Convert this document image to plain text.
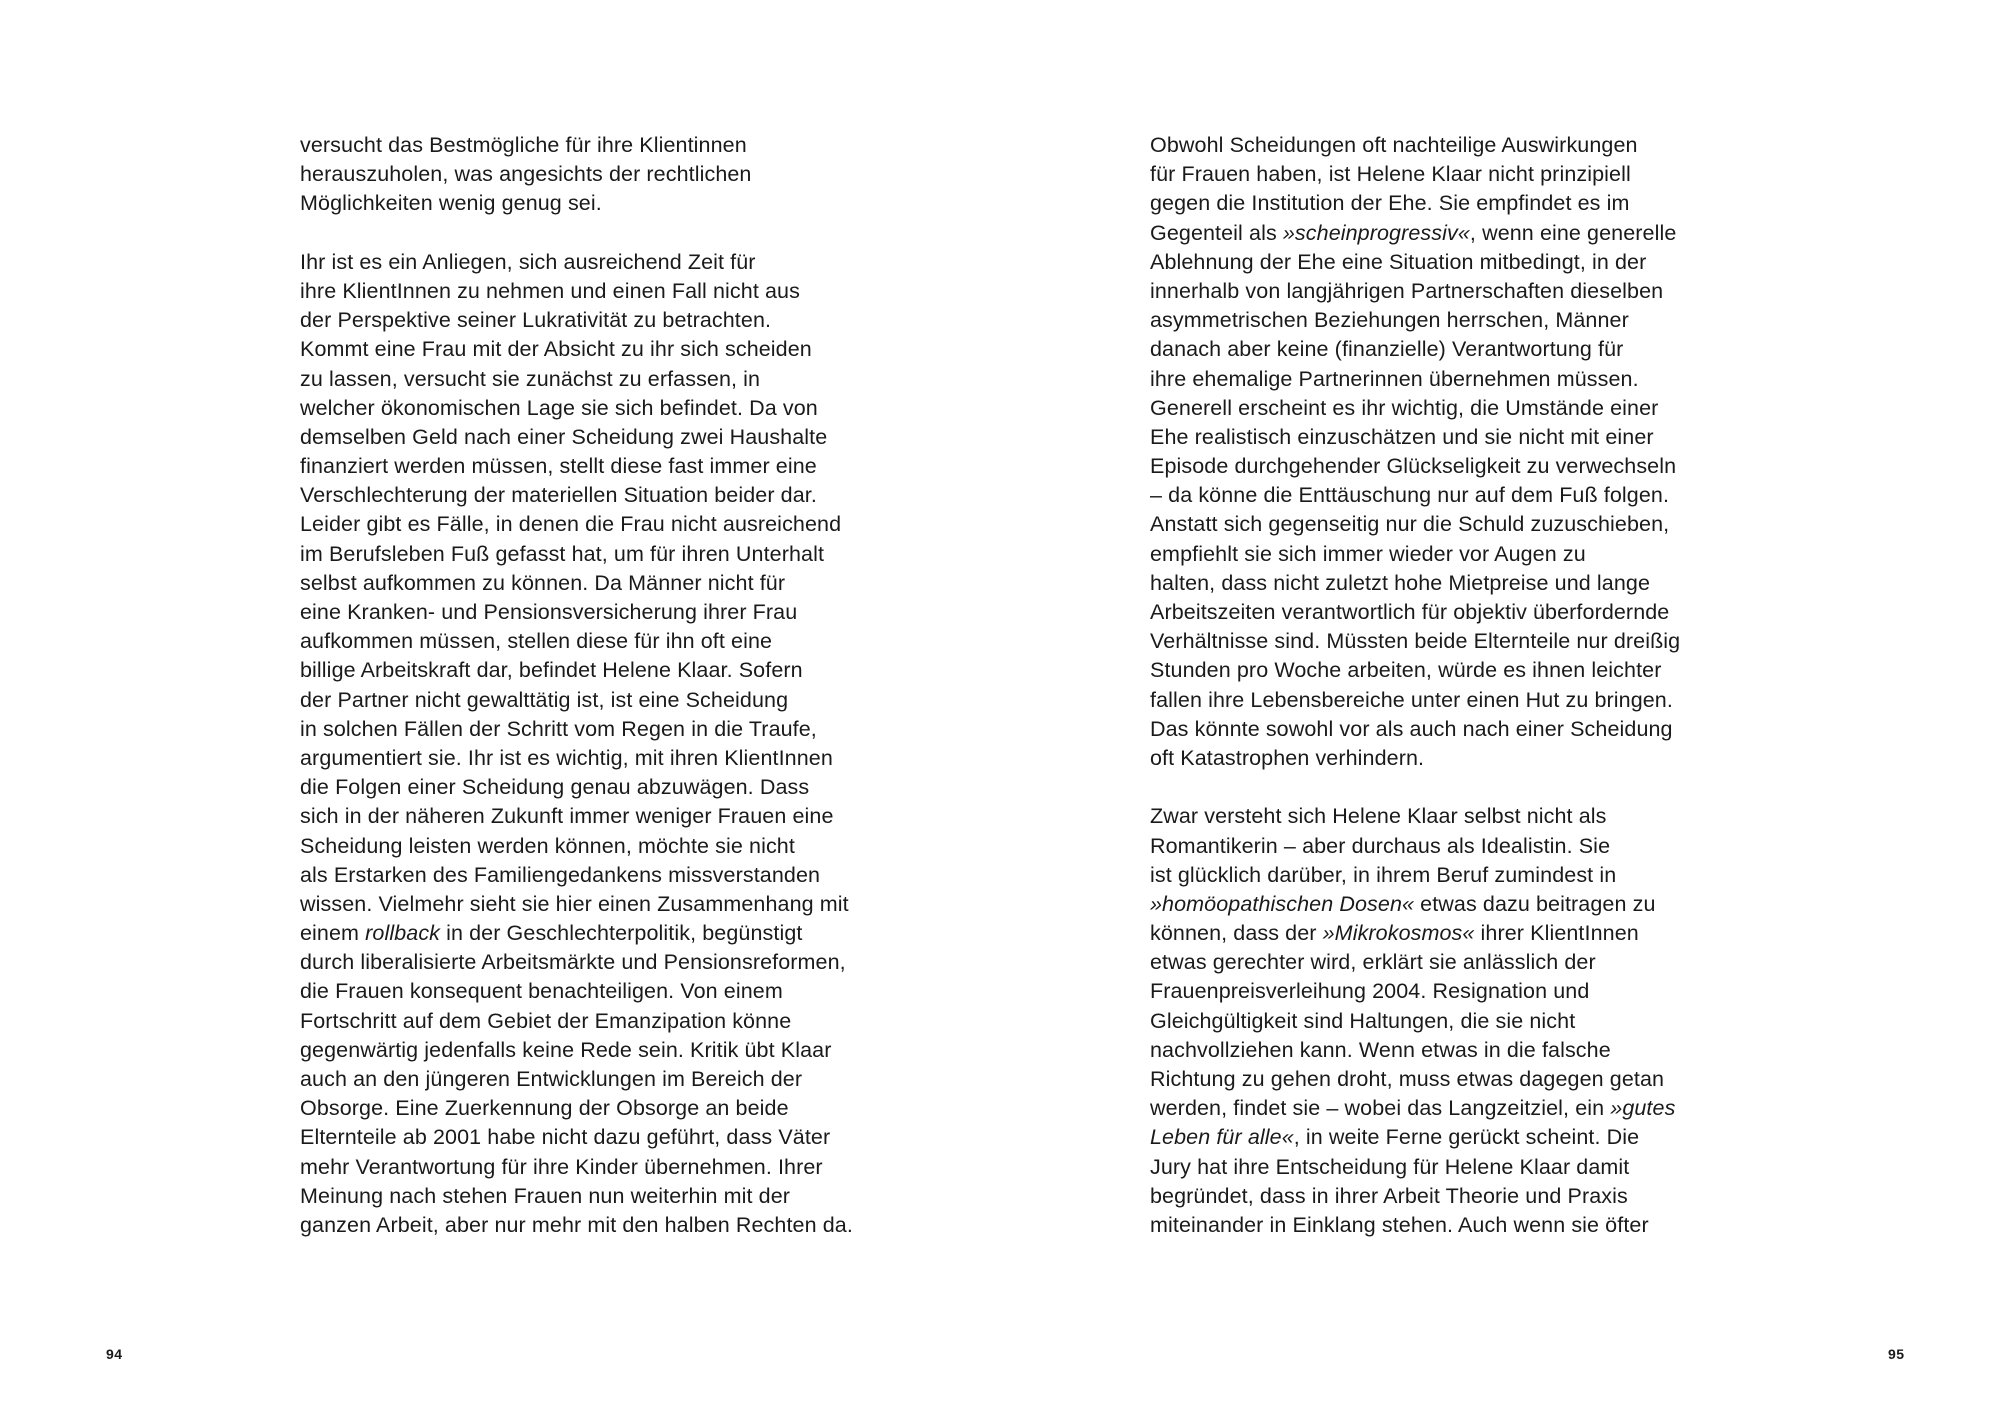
versucht das Bestmögliche für ihre Klientinnen
herauszuholen, was angesichts der rechtlichen
Möglichkeiten wenig genug sei.
Ihr ist es ein Anliegen, sich ausreichend Zeit für
ihre KlientInnen zu nehmen und einen Fall nicht aus
der Perspektive seiner Lukrativität zu betrachten.
Kommt eine Frau mit der Absicht zu ihr sich scheiden
zu lassen, versucht sie zunächst zu erfassen, in
welcher ökonomischen Lage sie sich befindet. Da von
demselben Geld nach einer Scheidung zwei Haushalte
finanziert werden müssen, stellt diese fast immer eine
Verschlechterung der materiellen Situation beider dar.
Leider gibt es Fälle, in denen die Frau nicht ausreichend
im Berufsleben Fuß gefasst hat, um für ihren Unterhalt
selbst aufkommen zu können. Da Männer nicht für
eine Kranken- und Pensionsversicherung ihrer Frau
aufkommen müssen, stellen diese für ihn oft eine
billige Arbeitskraft dar, befindet Helene Klaar. Sofern
der Partner nicht gewalttätig ist, ist eine Scheidung
in solchen Fällen der Schritt vom Regen in die Traufe,
argumentiert sie. Ihr ist es wichtig, mit ihren KlientInnen
die Folgen einer Scheidung genau abzuwägen. Dass
sich in der näheren Zukunft immer weniger Frauen eine
Scheidung leisten werden können, möchte sie nicht
als Erstarken des Familiengedankens missverstanden
wissen. Vielmehr sieht sie hier einen Zusammenhang mit
einem rollback in der Geschlechterpolitik, begünstigt
durch liberalisierte Arbeitsmärkte und Pensionsreformen,
die Frauen konsequent benachteiligen. Von einem
Fortschritt auf dem Gebiet der Emanzipation könne
gegenwärtig jedenfalls keine Rede sein. Kritik übt Klaar
auch an den jüngeren Entwicklungen im Bereich der
Obsorge. Eine Zuerkennung der Obsorge an beide
Elternteile ab 2001 habe nicht dazu geführt, dass Väter
mehr Verantwortung für ihre Kinder übernehmen. Ihrer
Meinung nach stehen Frauen nun weiterhin mit der
ganzen Arbeit, aber nur mehr mit den halben Rechten da.
94
Obwohl Scheidungen oft nachteilige Auswirkungen
für Frauen haben, ist Helene Klaar nicht prinzipiell
gegen die Institution der Ehe. Sie empfindet es im
Gegenteil als »scheinprogressiv«, wenn eine generelle
Ablehnung der Ehe eine Situation mitbedingt, in der
innerhalb von langjährigen Partnerschaften dieselben
asymmetrischen Beziehungen herrschen, Männer
danach aber keine (finanzielle) Verantwortung für
ihre ehemalige Partnerinnen übernehmen müssen.
Generell erscheint es ihr wichtig, die Umstände einer
Ehe realistisch einzuschätzen und sie nicht mit einer
Episode durchgehender Glückseligkeit zu verwechseln
– da könne die Enttäuschung nur auf dem Fuß folgen.
Anstatt sich gegenseitig nur die Schuld zuzuschieben,
empfiehlt sie sich immer wieder vor Augen zu
halten, dass nicht zuletzt hohe Mietpreise und lange
Arbeitszeiten verantwortlich für objektiv überfordernde
Verhältnisse sind. Müssten beide Elternteile nur dreißig
Stunden pro Woche arbeiten, würde es ihnen leichter
fallen ihre Lebensbereiche unter einen Hut zu bringen.
Das könnte sowohl vor als auch nach einer Scheidung
oft Katastrophen verhindern.
Zwar versteht sich Helene Klaar selbst nicht als
Romantikerin – aber durchaus als Idealistin. Sie
ist glücklich darüber, in ihrem Beruf zumindest in
»homöopathischen Dosen« etwas dazu beitragen zu
können, dass der »Mikrokosmos« ihrer KlientInnen
etwas gerechter wird, erklärt sie anlässlich der
Frauenpreisverleihung 2004. Resignation und
Gleichgültigkeit sind Haltungen, die sie nicht
nachvollziehen kann. Wenn etwas in die falsche
Richtung zu gehen droht, muss etwas dagegen getan
werden, findet sie – wobei das Langzeitziel, ein »gutes
Leben für alle«, in weite Ferne gerückt scheint. Die
Jury hat ihre Entscheidung für Helene Klaar damit
begründet, dass in ihrer Arbeit Theorie und Praxis
miteinander in Einklang stehen. Auch wenn sie öfter
95
